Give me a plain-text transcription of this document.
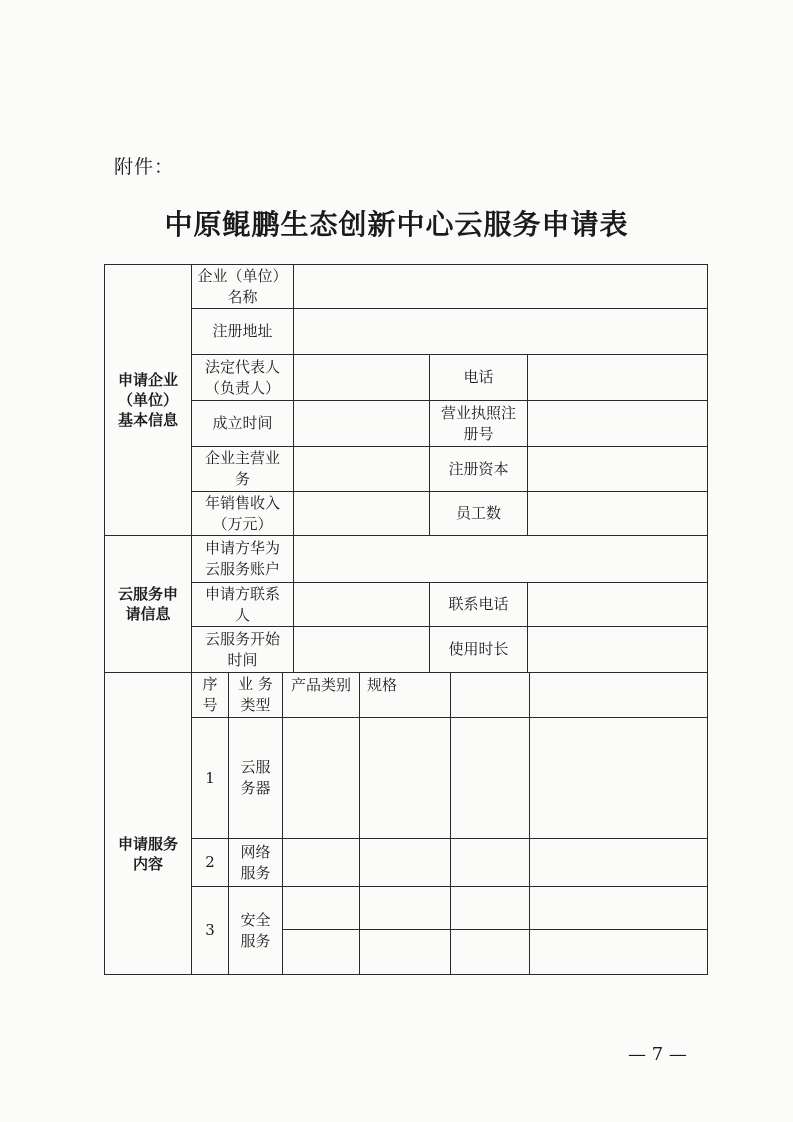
附件：
中原鲲鹏生态创新中心云服务申请表
申请企业
（单位）
基本信息
企业（单位）
名称
注册地址
法定代表人
（负责人）
电话
成立时间
营业执照注
册号
企业主营业
务
注册资本
年销售收入
（万元）
员工数
云服务申
请信息
申请方华为
云服务账户
申请方联系
人
联系电话
云服务开始
时间
使用时长
申请服务
内容
序
号
业 务
类型
产品类别	规格
1
云服
务器
2
网络
服务
3
安全
服务
— 7 —
